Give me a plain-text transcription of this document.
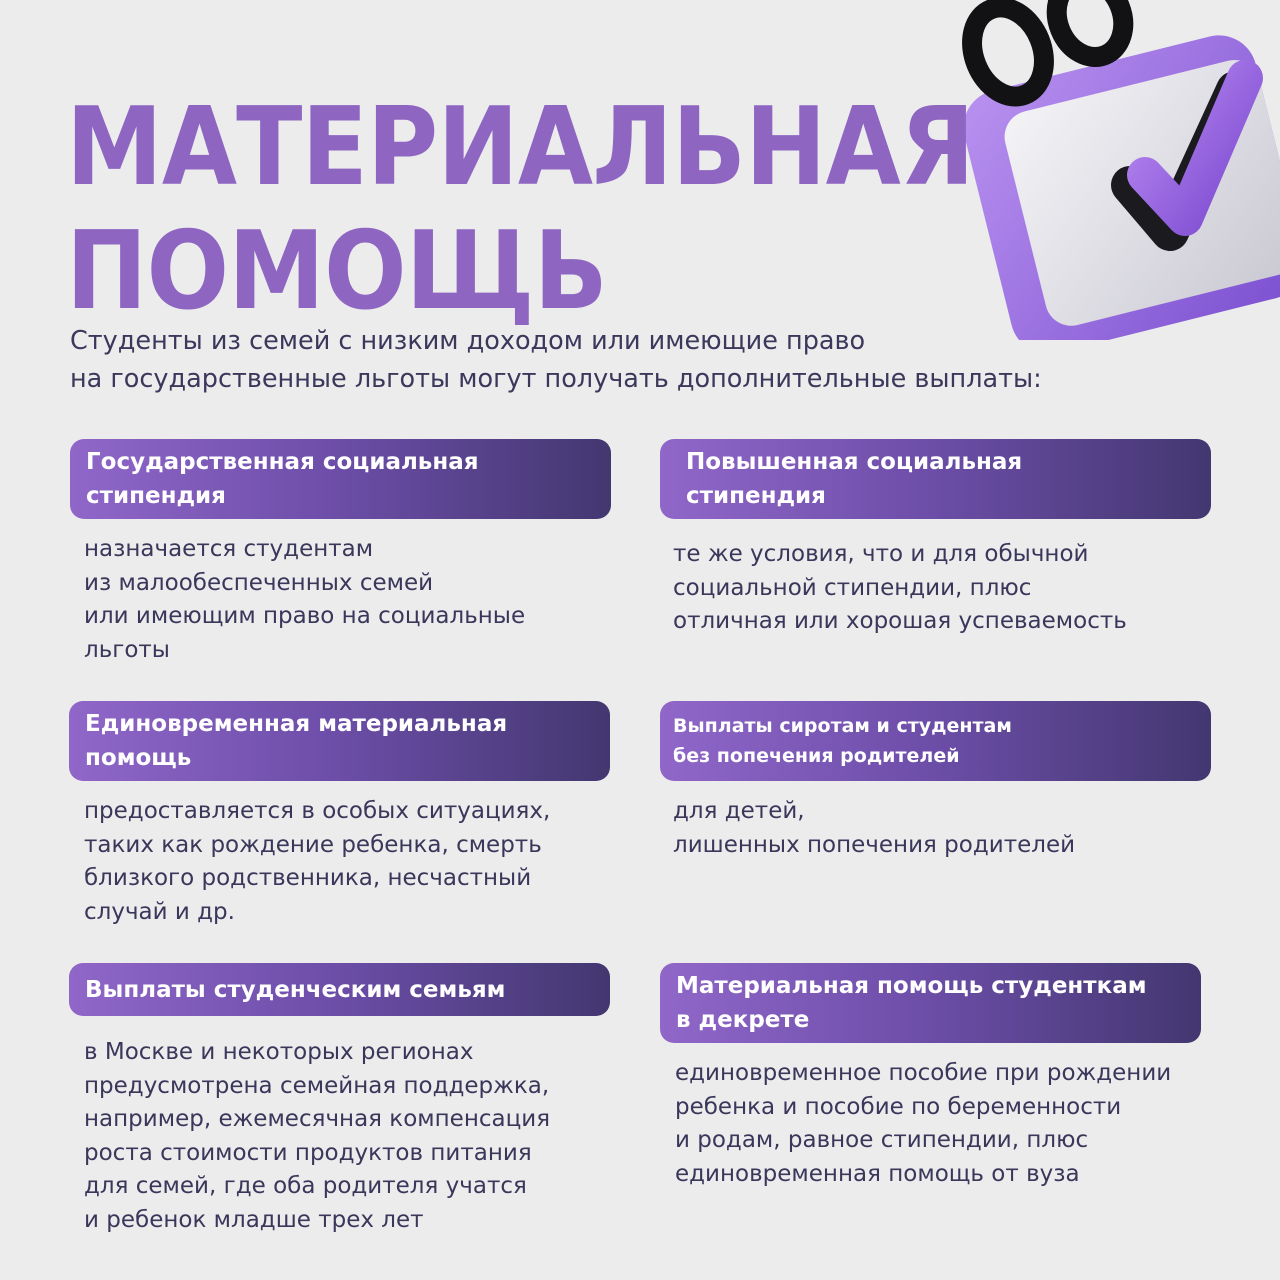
МАТЕРИАЛЬНАЯ
ПОМОЩЬ
Студенты из семей с низким доходом или имеющие право
на государственные льготы могут получать дополнительные выплаты:
Государственная социальная
стипендия
назначается студентам
из малообеспеченных семей
или имеющим право на социальные
льготы
Повышенная социальная
стипендия
те же условия, что и для обычной
социальной стипендии, плюс
отличная или хорошая успеваемость
Единовременная материальная
помощь
предоставляется в особых ситуациях,
таких как рождение ребенка, смерть
близкого родственника, несчастный
случай и др.
Выплаты сиротам и студентам
без попечения родителей
для детей,
лишенных попечения родителей
Выплаты студенческим семьям
в Москве и некоторых регионах
предусмотрена семейная поддержка,
например, ежемесячная компенсация
роста стоимости продуктов питания
для семей, где оба родителя учатся
и ребенок младше трех лет
Материальная помощь студенткам
в декрете
единовременное пособие при рождении
ребенка и пособие по беременности
и родам, равное стипендии, плюс
единовременная помощь от вуза
